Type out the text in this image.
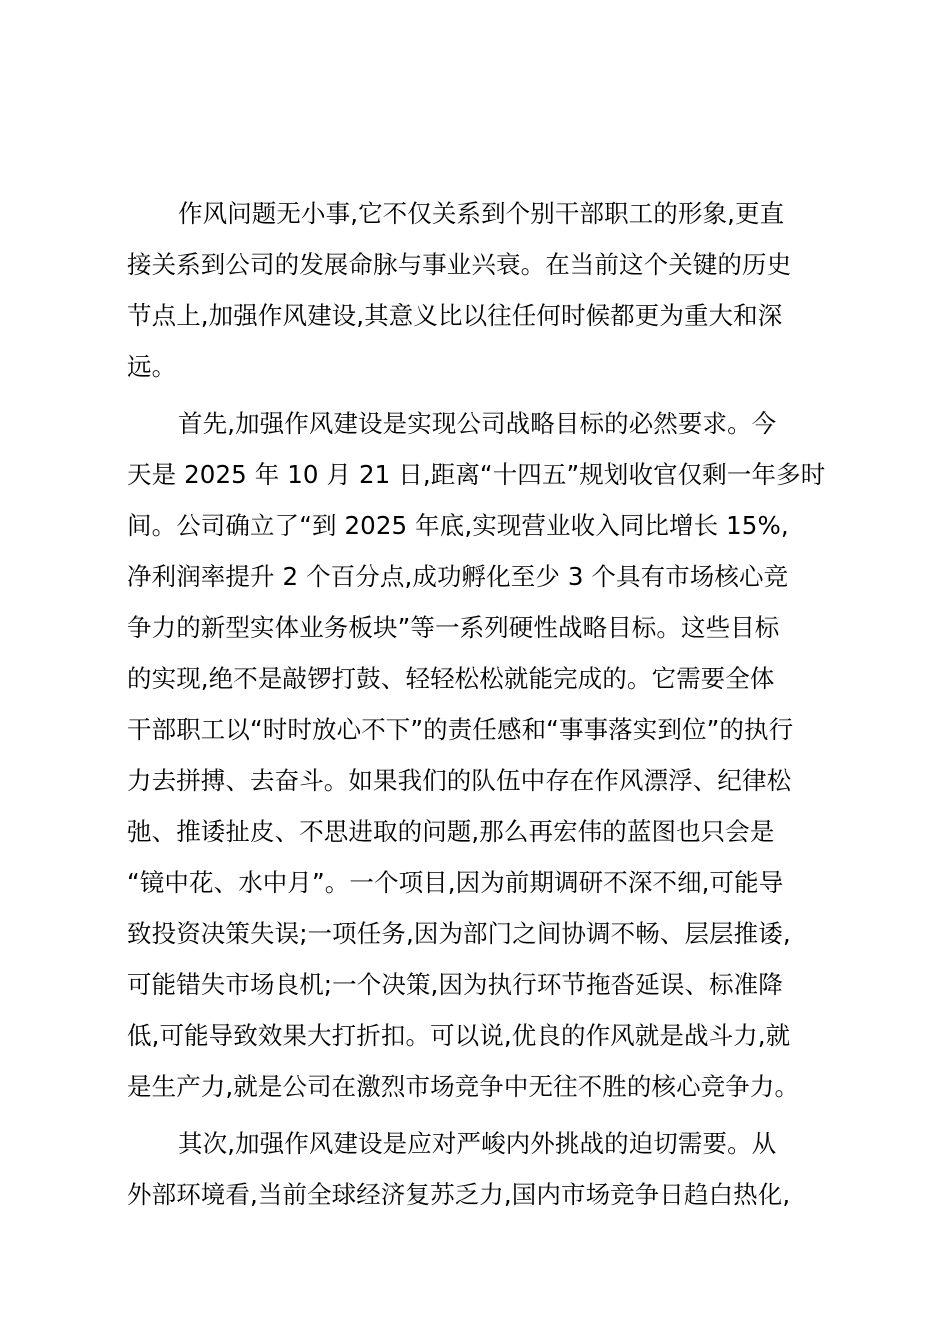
作风问题无小事,它不仅关系到个别干部职工的形象,更直
接关系到公司的发展命脉与事业兴衰。在当前这个关键的历史
节点上,加强作风建设,其意义比以往任何时候都更为重大和深
远。
首先,加强作风建设是实现公司战略目标的必然要求。今
天是 2025 年 10 月 21 日,距离“十四五”规划收官仅剩一年多时
间。公司确立了“到 2025 年底,实现营业收入同比增长 15%,
净利润率提升 2 个百分点,成功孵化至少 3 个具有市场核心竞
争力的新型实体业务板块”等一系列硬性战略目标。这些目标
的实现,绝不是敲锣打鼓、轻轻松松就能完成的。它需要全体
干部职工以“时时放心不下”的责任感和“事事落实到位”的执行
力去拼搏、去奋斗。如果我们的队伍中存在作风漂浮、纪律松
弛、推诿扯皮、不思进取的问题,那么再宏伟的蓝图也只会是
“镜中花、水中月”。一个项目,因为前期调研不深不细,可能导
致投资决策失误;一项任务,因为部门之间协调不畅、层层推诿,
可能错失市场良机;一个决策,因为执行环节拖沓延误、标准降
低,可能导致效果大打折扣。可以说,优良的作风就是战斗力,就
是生产力,就是公司在激烈市场竞争中无往不胜的核心竞争力。
其次,加强作风建设是应对严峻内外挑战的迫切需要。从
外部环境看,当前全球经济复苏乏力,国内市场竞争日趋白热化,
